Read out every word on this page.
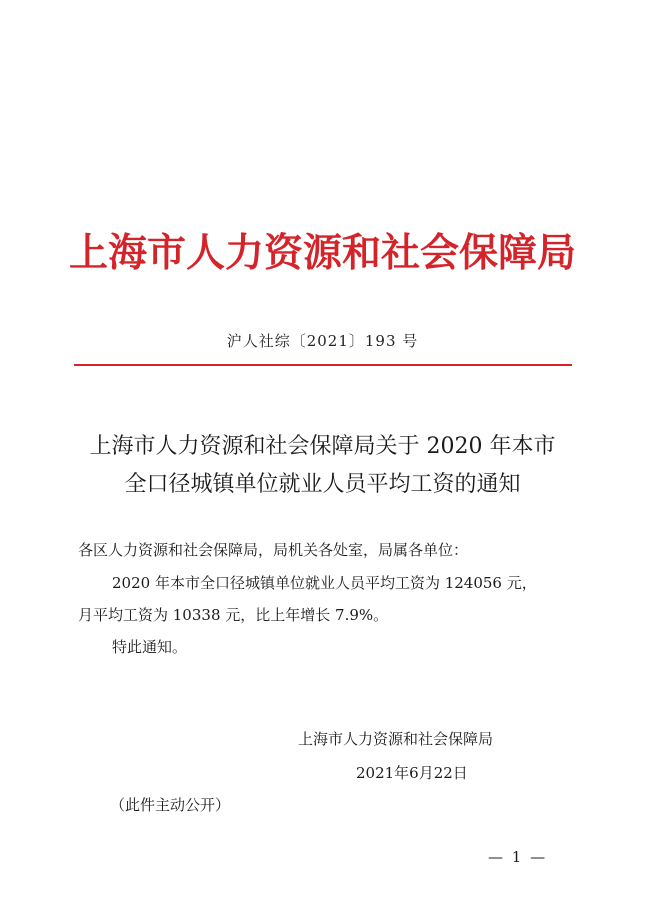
上海市人力资源和社会保障局
沪人社综〔2021〕193 号
上海市人力资源和社会保障局关于 2020 年本市
全口径城镇单位就业人员平均工资的通知
各区人力资源和社会保障局，局机关各处室，局属各单位：
2020 年本市全口径城镇单位就业人员平均工资为 124056 元，
月平均工资为 10338 元，比上年增长 7.9%。
特此通知。
上海市人力资源和社会保障局
2021年6月22日
（此件主动公开）
— 1 —
